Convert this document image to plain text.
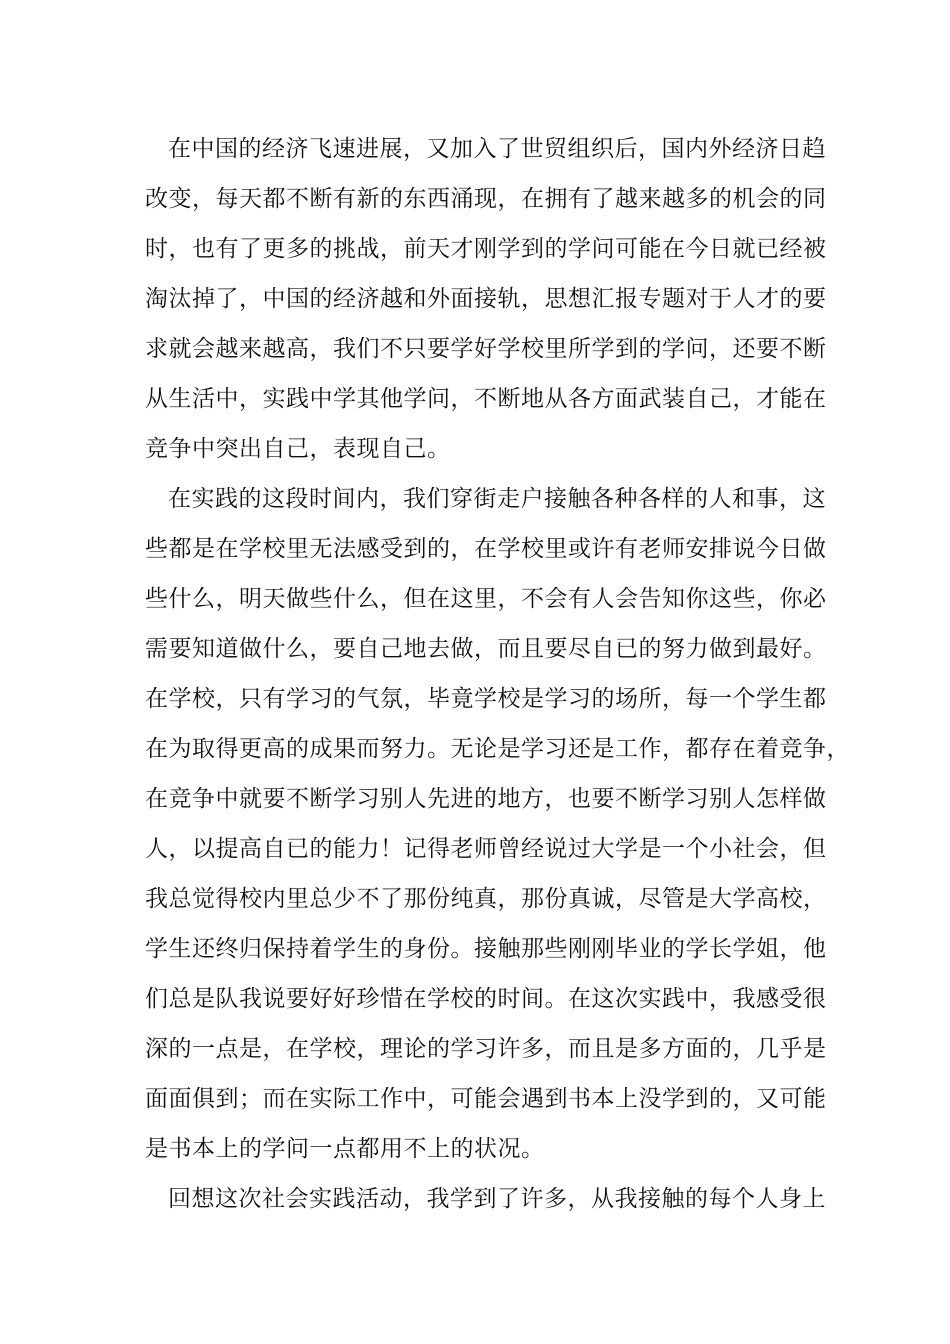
在中国的经济飞速进展，又加入了世贸组织后，国内外经济日趋
改变，每天都不断有新的东西涌现，在拥有了越来越多的机会的同
时，也有了更多的挑战，前天才刚学到的学问可能在今日就已经被
淘汰掉了，中国的经济越和外面接轨，思想汇报专题对于人才的要
求就会越来越高，我们不只要学好学校里所学到的学问，还要不断
从生活中，实践中学其他学问，不断地从各方面武装自己，才能在
竞争中突出自己，表现自己。
在实践的这段时间内，我们穿街走户接触各种各样的人和事，这
些都是在学校里无法感受到的，在学校里或许有老师安排说今日做
些什么，明天做些什么，但在这里，不会有人会告知你这些，你必
需要知道做什么，要自己地去做，而且要尽自已的努力做到最好。
在学校，只有学习的气氛，毕竟学校是学习的场所，每一个学生都
在为取得更高的成果而努力。无论是学习还是工作，都存在着竞争，
在竞争中就要不断学习别人先进的地方，也要不断学习别人怎样做
人，以提高自已的能力！记得老师曾经说过大学是一个小社会，但
我总觉得校内里总少不了那份纯真，那份真诚，尽管是大学高校，
学生还终归保持着学生的身份。接触那些刚刚毕业的学长学姐，他
们总是队我说要好好珍惜在学校的时间。在这次实践中，我感受很
深的一点是，在学校，理论的学习许多，而且是多方面的，几乎是
面面俱到；而在实际工作中，可能会遇到书本上没学到的，又可能
是书本上的学问一点都用不上的状况。
回想这次社会实践活动，我学到了许多，从我接触的每个人身上
